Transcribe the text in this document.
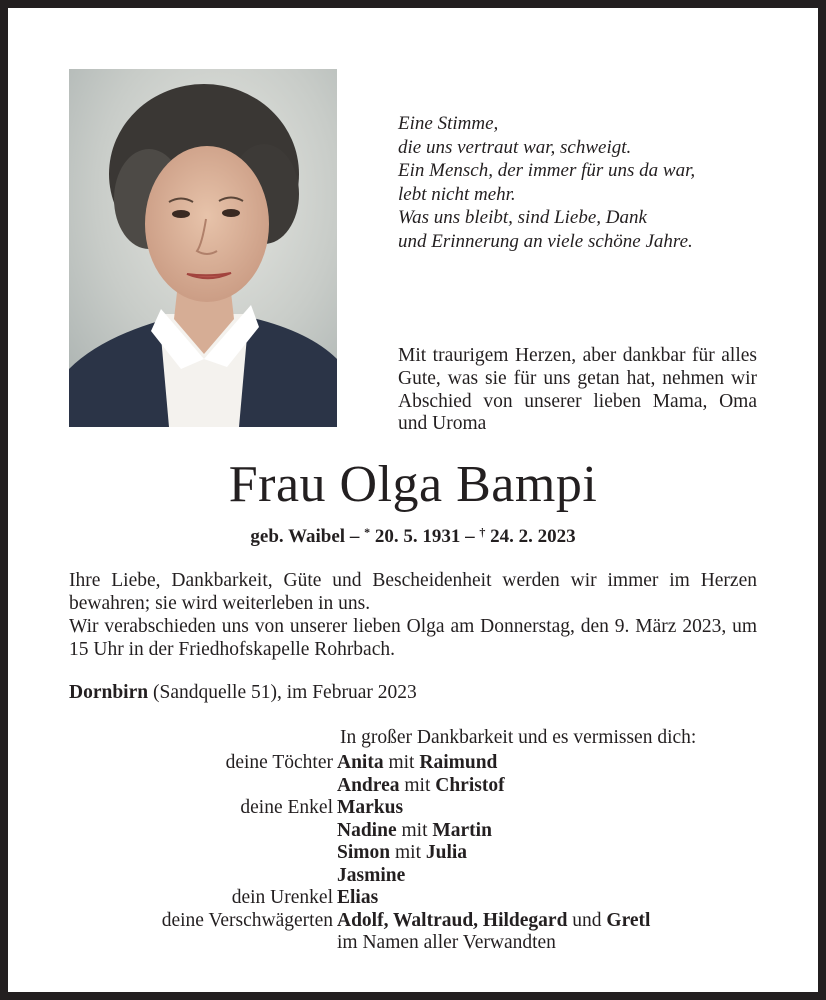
Eine Stimme,
die uns vertraut war, schweigt.
Ein Mensch, der immer für uns da war,
lebt nicht mehr.
Was uns bleibt, sind Liebe, Dank
und Erinnerung an viele schöne Jahre.
Mit traurigem Herzen, aber dankbar für alles Gute, was sie für uns getan hat, nehmen wir Abschied von unserer lieben Mama, Oma und Uroma
Frau Olga Bampi
geb. Waibel – * 20. 5. 1931 – † 24. 2. 2023

Ihre Liebe, Dankbarkeit, Güte und Bescheidenheit werden wir immer im Herzen bewahren; sie wird weiterleben in uns.

Wir verabschieden uns von unserer lieben Olga am Donnerstag, den 9. März 2023, um 15 Uhr in der Friedhofskapelle Rohrbach.

Dornbirn (Sandquelle 51), im Februar 2023
In großer Dankbarkeit und es vermissen dich:
deine Töchter Anita mit Raimund
Andrea mit Christof
deine Enkel Markus
Nadine mit Martin
Simon mit Julia
Jasmine
dein Urenkel Elias
deine Verschwägerten Adolf, Waltraud, Hildegard und Gretl
im Namen aller Verwandten
